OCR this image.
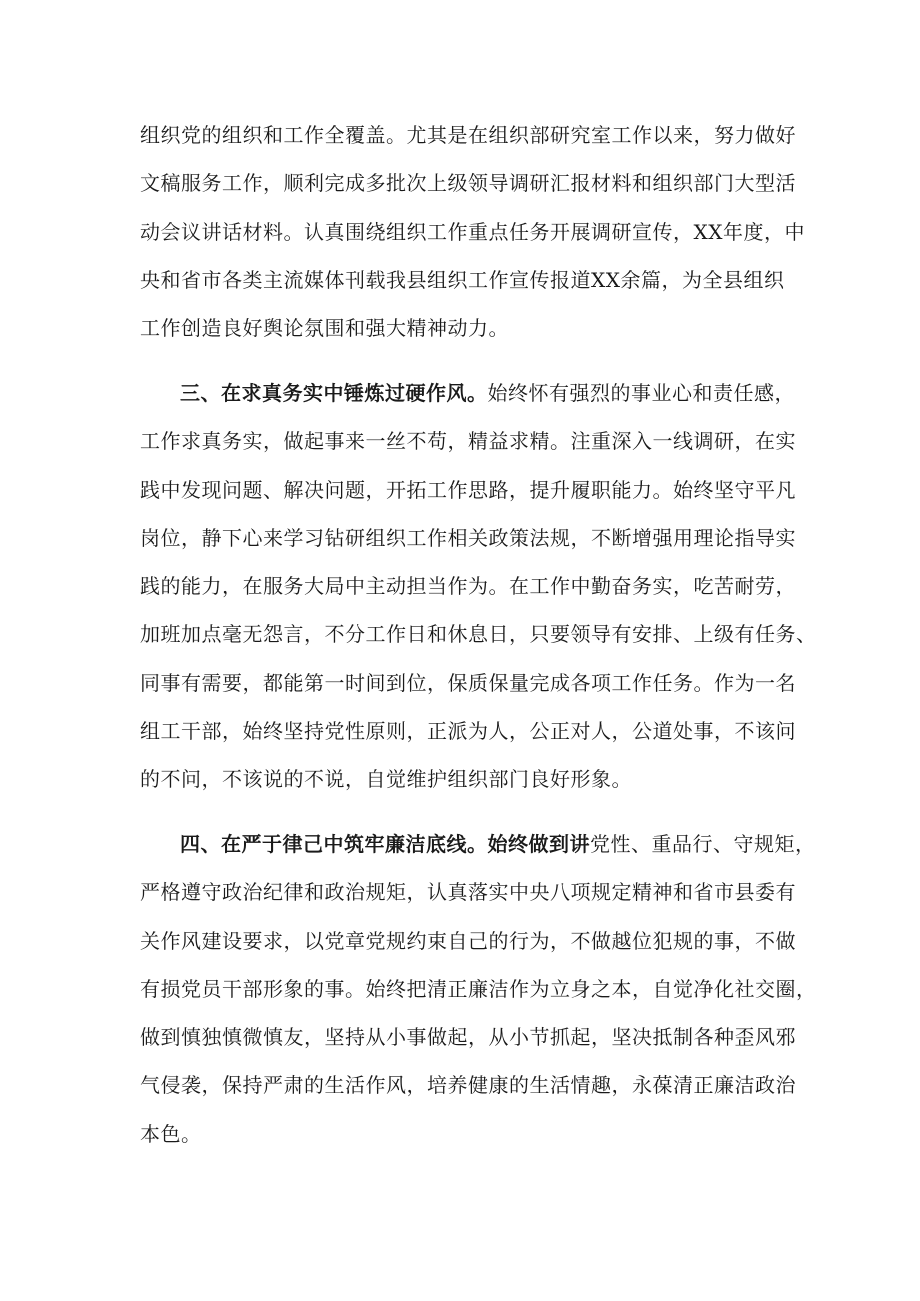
组织党的组织和工作全覆盖。尤其是在组织部研究室工作以来，努力做好
文稿服务工作，顺利完成多批次上级领导调研汇报材料和组织部门大型活
动会议讲话材料。认真围绕组织工作重点任务开展调研宣传，XX年度，中
央和省市各类主流媒体刊载我县组织工作宣传报道XX余篇，为全县组织
工作创造良好舆论氛围和强大精神动力。
三、在求真务实中锤炼过硬作风。始终怀有强烈的事业心和责任感，
工作求真务实，做起事来一丝不苟，精益求精。注重深入一线调研，在实
践中发现问题、解决问题，开拓工作思路，提升履职能力。始终坚守平凡
岗位，静下心来学习钻研组织工作相关政策法规，不断增强用理论指导实
践的能力，在服务大局中主动担当作为。在工作中勤奋务实，吃苦耐劳，
加班加点毫无怨言，不分工作日和休息日，只要领导有安排、上级有任务、
同事有需要，都能第一时间到位，保质保量完成各项工作任务。作为一名
组工干部，始终坚持党性原则，正派为人，公正对人，公道处事，不该问
的不问，不该说的不说，自觉维护组织部门良好形象。
四、在严于律己中筑牢廉洁底线。始终做到讲党性、重品行、守规矩，
严格遵守政治纪律和政治规矩，认真落实中央八项规定精神和省市县委有
关作风建设要求，以党章党规约束自己的行为，不做越位犯规的事，不做
有损党员干部形象的事。始终把清正廉洁作为立身之本，自觉净化社交圈，
做到慎独慎微慎友，坚持从小事做起，从小节抓起，坚决抵制各种歪风邪
气侵袭，保持严肃的生活作风，培养健康的生活情趣，永葆清正廉洁政治
本色。
